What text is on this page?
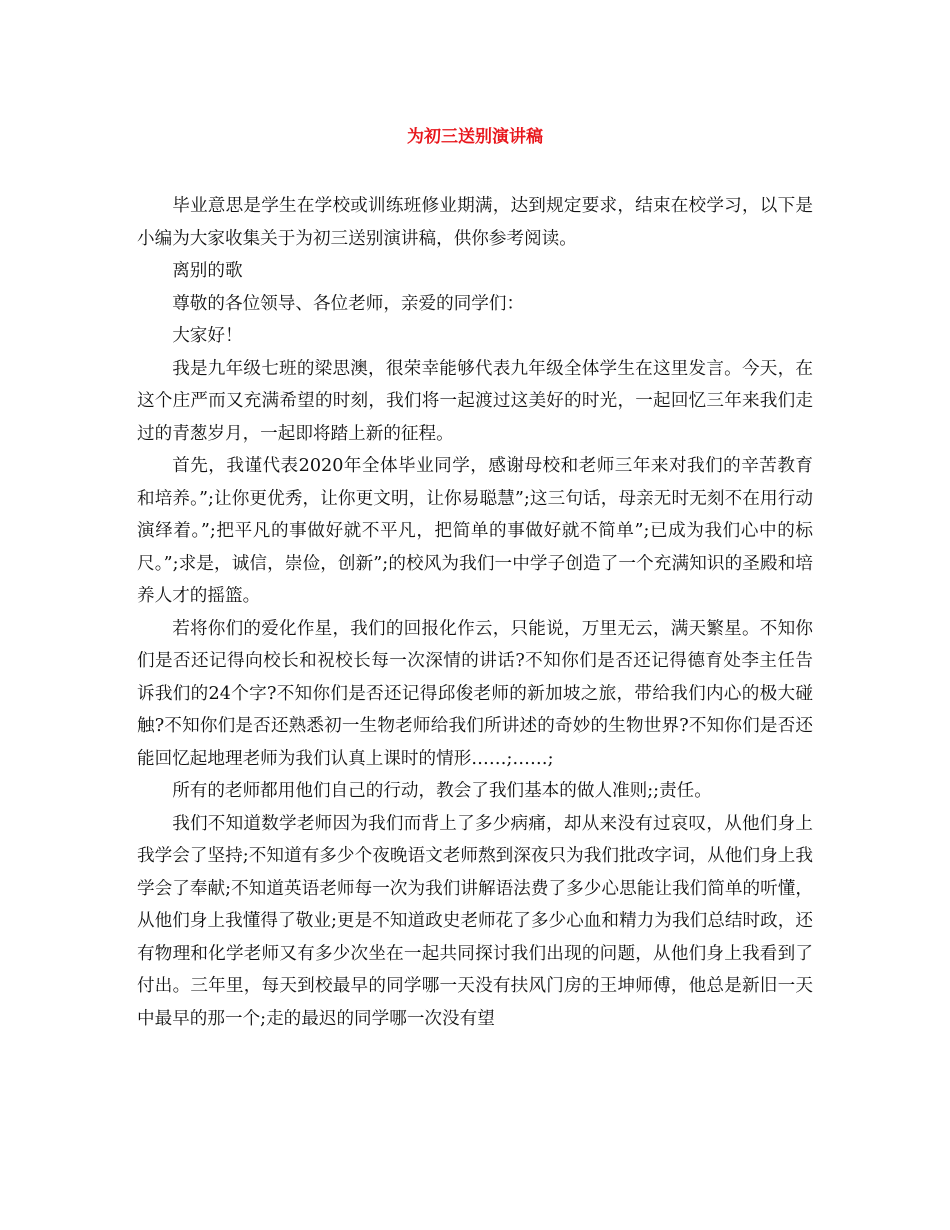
为初三送别演讲稿

毕业意思是学生在学校或训练班修业期满，达到规定要求，结束在校学习，以下是小编为大家收集关于为初三送别演讲稿，供你参考阅读。

离别的歌

尊敬的各位领导、各位老师，亲爱的同学们：

大家好！

我是九年级七班的梁思澳，很荣幸能够代表九年级全体学生在这里发言。今天，在这个庄严而又充满希望的时刻，我们将一起渡过这美好的时光，一起回忆三年来我们走过的青葱岁月，一起即将踏上新的征程。

首先，我谨代表2020年全体毕业同学，感谢母校和老师三年来对我们的辛苦教育和培养。”;让你更优秀，让你更文明，让你易聪慧”;这三句话，母亲无时无刻不在用行动演绎着。”;把平凡的事做好就不平凡，把简单的事做好就不简单”;已成为我们心中的标尺。”;求是，诚信，崇俭，创新”;的校风为我们一中学子创造了一个充满知识的圣殿和培养人才的摇篮。

若将你们的爱化作星，我们的回报化作云，只能说，万里无云，满天繁星。不知你们是否还记得向校长和祝校长每一次深情的讲话?不知你们是否还记得德育处李主任告诉我们的24个字?不知你们是否还记得邱俊老师的新加坡之旅，带给我们内心的极大碰触?不知你们是否还熟悉初一生物老师给我们所讲述的奇妙的生物世界?不知你们是否还能回忆起地理老师为我们认真上课时的情形……;……;

所有的老师都用他们自己的行动，教会了我们基本的做人准则;;责任。

我们不知道数学老师因为我们而背上了多少病痛，却从来没有过哀叹，从他们身上我学会了坚持;不知道有多少个夜晚语文老师熬到深夜只为我们批改字词，从他们身上我学会了奉献;不知道英语老师每一次为我们讲解语法费了多少心思能让我们简单的听懂，从他们身上我懂得了敬业;更是不知道政史老师花了多少心血和精力为我们总结时政，还有物理和化学老师又有多少次坐在一起共同探讨我们出现的问题，从他们身上我看到了付出。三年里，每天到校最早的同学哪一天没有扶风门房的王坤师傅，他总是新旧一天中最早的那一个;走的最迟的同学哪一次没有望
